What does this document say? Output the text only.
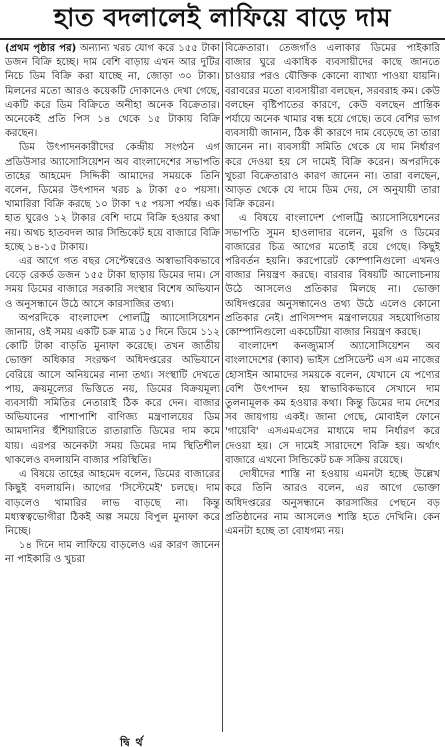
হাত বদলালেই লাফিয়ে বাড়ে দাম

(প্রথম পৃষ্ঠার পর) অন্যান্য খরচ যোগ করে ১৫৫ টাকা ডজন বিক্রি হচ্ছে। দাম বেশি বাড়ায় এখন আর দুটির নিচে ডিম বিক্রি করা যাচ্ছে না, জোড়া ৩০ টাকা। মিলনের মতো আরও কয়েকটি দোকানেও দেখা গেছে, একটি করে ডিম বিক্রিতে অনীহা অনেক বিক্রেতার। অনেকেই প্রতি পিস ১৪ থেকে ১৫ টাকায় বিক্রি করছেন।

ডিম উৎপাদনকারীদের কেন্দ্রীয় সংগঠন এগ প্রডিউসার অ্যাসোসিয়েশন অব বাংলাদেশের সভাপতি তাহের আহমেদ সিদ্দিকী আমাদের সময়কে তিনি বলেন, ডিমের উৎপাদন খরচ ৯ টাকা ৫০ পয়সা। খামারিরা বিক্রি করছে ১০ টাকা ৭৫ পয়সা পর্যন্ত। এক হাত ঘুরেও ১২ টাকার বেশি দামে বিক্রি হওয়ার কথা নয়। অথচ হাতবদল আর সিন্ডিকেট হয়ে বাজারে বিক্রি হচ্ছে ১৪-১৫ টাকায়।

এর আগে গত বছর সেপ্টেম্বরেও অস্বাভাবিকভাবে বেড়ে রেকর্ড ডজন ১৫৫ টাকা ছাড়ায় ডিমের দাম। সে সময় ডিমের বাজারে সরকারি সংস্থার বিশেষ অভিযান ও অনুসন্ধানে উঠে আসে কারসাজির তথ্য।

অপরদিকে বাংলাদেশ পোলট্রি অ্যাসোসিয়েশন জানায়, ওই সময় একটি চক্র মাত্র ১৫ দিনে ডিমে ১১২ কোটি টাকা বাড়তি মুনাফা করেছে। তখন জাতীয় ভোক্তা অধিকার সংরক্ষণ অধিদপ্তরের অভিযানে বেরিয়ে আসে অনিয়মের নানা তথ্য। সংস্থাটি দেখতে পায়, ক্রয়মূল্যের ভিত্তিতে নয়, ডিমের বিক্রয়মূল্য ব্যবসায়ী সমিতির নেতারাই ঠিক করে দেন। বাজার অভিযানের পাশাপাশি বাণিজ্য মন্ত্রণালয়ের ডিম আমদানির হুঁশিয়ারিতে রাতারাতি ডিমের দাম কমে যায়। এরপর অনেকটা সময় ডিমের দাম স্থিতিশীল থাকলেও বদলায়নি বাজার পরিস্থিতি।

এ বিষয়ে তাহের আহমেদ বলেন, ডিমের বাজারের কিছুই বদলায়নি। আগের 'সিস্টেমেই' চলছে। দাম বাড়লেও খামারির লাভ বাড়ছে না। কিন্তু মধ্যস্বত্বভোগীরা ঠিকই অল্প সময়ে বিপুল মুনাফা করে নিচ্ছে।

১৪ দিনে দাম লাফিয়ে বাড়লেও এর কারণ জানেন না পাইকারি ও খুচরা

বিক্রেতারা। তেজগাঁও এলাকার ডিমের পাইকারি বাজার ঘুরে একাধিক ব্যবসায়ীদের কাছে জানতে চাওয়ার পরও যৌক্তিক কোনো ব্যাখ্যা পাওয়া যায়নি। বরাবরের মতো ব্যবসায়ীরা বলছেন, সরবরাহ কম। কেউ বলছেন বৃষ্টিপাতের কারণে, কেউ বলছেন প্রান্তিক পর্যায়ে অনেক খামার বন্ধ হয়ে গেছে। তবে বেশির ভাগ ব্যবসায়ী জানান, ঠিক কী কারণে দাম বেড়েছে তা তারা জানেন না। ব্যবসায়ী সমিতি থেকে যে দাম নির্ধারণ করে দেওয়া হয় সে দামেই বিক্রি করেন। অপরদিকে খুচরা বিক্রেতারাও কারণ জানেন না। তারা বলছেন, আড়ত থেকে যে দামে ডিম দেয়, সে অনুযায়ী তারা বিক্রি করেন।

এ বিষয়ে বাংলাদেশ পোলট্রি অ্যাসোসিয়েশনের সভাপতি সুমন হাওলাদার বলেন, মুরগি ও ডিমের বাজারের চিত্র আগের মতোই রয়ে গেছে। কিছুই পরিবর্তন হয়নি। করপোরেট কোম্পানিগুলো এখনও বাজার নিয়ন্ত্রণ করছে। বারবার বিষয়টি আলোচনায় উঠে আসলেও প্রতিকার মিলছে না। ভোক্তা অধিদপ্তরের অনুসন্ধানেও তথ্য উঠে এলেও কোনো প্রতিকার নেই। প্রাণিসম্পদ মন্ত্রণালয়ের সহযোগিতায় কোম্পানিগুলো একচেটিয়া বাজার নিয়ন্ত্রণ করছে।

বাংলাদেশ কনজ্যুমার্স অ্যাসোসিয়েশন অব বাংলাদেশের (ক্যাব) ভাইস প্রেসিডেন্ট এস এম নাজের হোসাইন আমাদের সময়কে বলেন, যেখানে যে পণ্যের বেশি উৎপাদন হয় স্বাভাবিকভাবে সেখানে দাম তুলনামূলক কম হওয়ার কথা। কিন্তু ডিমের দাম দেশের সব জায়গায় একই। জানা গেছে, মোবাইল ফোনে 'গায়েবি' এসএমএসের মাধ্যমে দাম নির্ধারণ করে দেওয়া হয়। সে দামেই সারাদেশে বিক্রি হয়। অর্থাৎ বাজারে এখনো সিন্ডিকেট চক্র সক্রিয় রয়েছে।

দোষীদের শাস্তি না হওয়ায় এমনটা হচ্ছে উল্লেখ করে তিনি আরও বলেন, এর আগে ভোক্তা অধিদপ্তরের অনুসন্ধানে কারসাজির পেছনে বড় প্রতিষ্ঠানের নাম আসলেও শাস্তি হতে দেখিনি। কেন এমনটা হচ্ছে তা বোধগম্য নয়।

দ্বি র্থ
